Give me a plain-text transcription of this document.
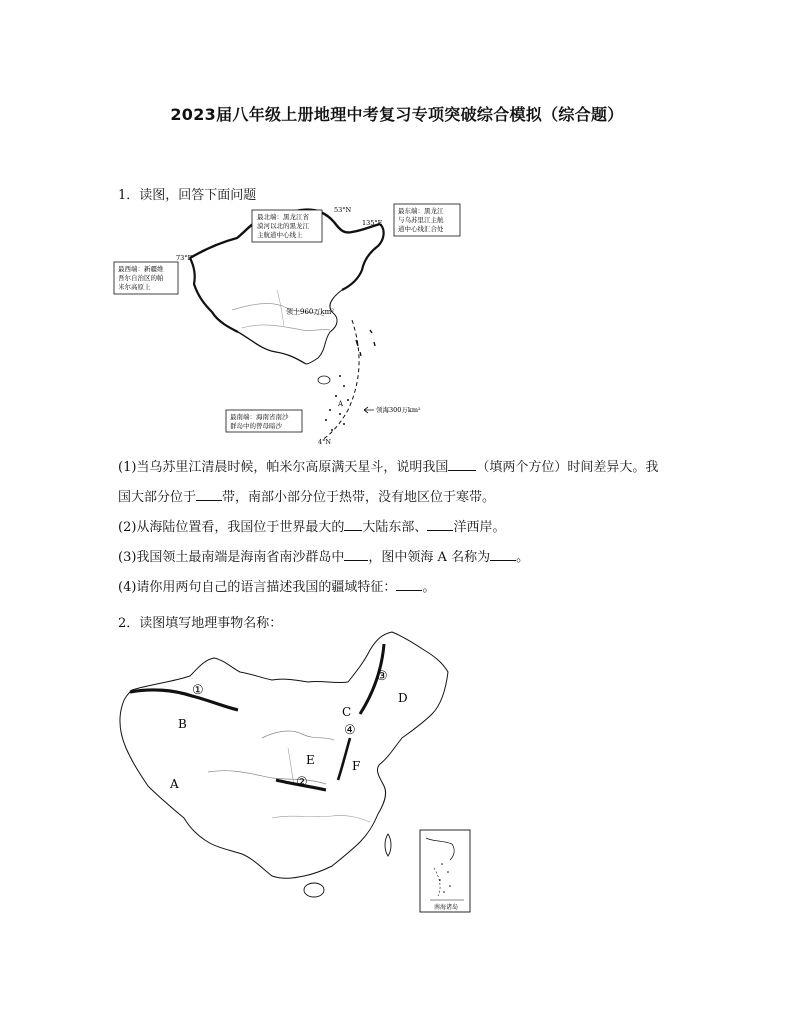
2023届八年级上册地理中考复习专项突破综合模拟（综合题）
1．读图，回答下面问题
最北端：黑龙江省
漠河以北的黑龙江
主航道中心线上
53°N	最东端：黑龙江
与乌苏里江主航
道中心线汇合处
135°E
最西端：新疆维
吾尔自治区的帕
米尔高原上
73°E
领土960万km²
最南端：海南省南沙
群岛中的曾母暗沙
4°N
A
领海300万km²
(1)当乌苏里江清晨时候，帕米尔高原满天星斗，说明我国 （填两个方位）时间差异大。我
国大部分位于 带，南部小部分位于热带，没有地区位于寒带。
(2)从海陆位置看，我国位于世界最大的 大陆东部、 洋西岸。
(3)我国领土最南端是海南省南沙群岛中 ，图中领海 A 名称为 。
(4)请你用两句自己的语言描述我国的疆域特征： 。
2．读图填写地理事物名称：
①
②
③
④
A
B
C
D
E	F
南海诸岛
